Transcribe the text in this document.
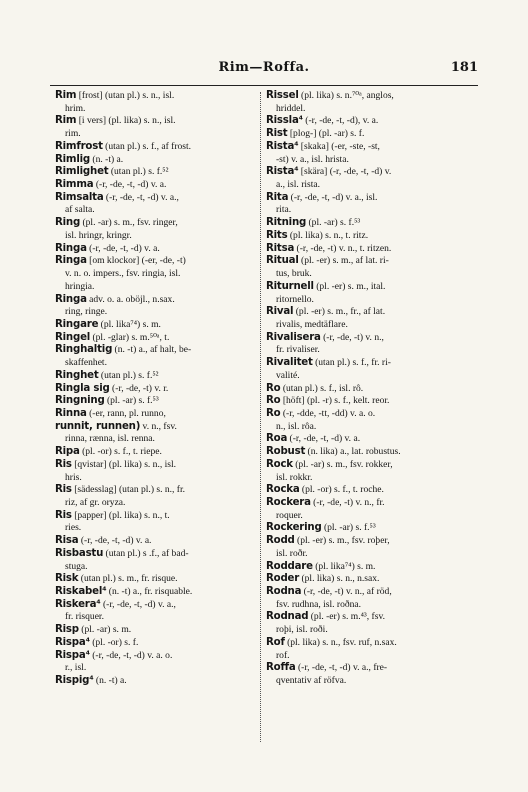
Rim—Roffa.	181
Rim [frost] (utan pl.) s. n., isl.
hrim.
Rim [i vers] (pl. lika) s. n., isl.
rim.
Rimfrost (utan pl.) s. f., af frost.
Rimlig (n. -t) a.
Rimlighet (utan pl.) s. f.⁵²
Rimma (-r, -de, -t, -d) v. a.
Rimsalta (-r, -de, -t, -d) v. a.,
af salta.
Ring (pl. -ar) s. m., fsv. ringer,
isl. hringr, kringr.
Ringa (-r, -de, -t, -d) v. a.
Ringa [om klockor] (-er, -de, -t)
v. n. o. impers., fsv. ringia, isl.
hringia.
Ringa adv. o. a. oböjl., n.sax.
ring, ringe.
Ringare (pl. lika⁷⁴) s. m.
Ringel (pl. -glar) s. m.⁵⁰ᵃ, t.
Ringhaltig (n. -t) a., af halt, be-
skaffenhet.
Ringhet (utan pl.) s. f.⁵²
Ringla sig (-r, -de, -t) v. r.
Ringning (pl. -ar) s. f.⁵³
Rinna (-er, rann, pl. runno,
runnit, runnen) v. n., fsv.
rinna, rænna, isl. renna.
Ripa (pl. -or) s. f., t. riepe.
Ris [qvistar] (pl. lika) s. n., isl.
hris.
Ris [sädesslag] (utan pl.) s. n., fr.
riz, af gr. oryza.
Ris [papper] (pl. lika) s. n., t.
ries.
Risa (-r, -de, -t, -d) v. a.
Risbastu (utan pl.) s .f., af bad-
stuga.
Risk (utan pl.) s. m., fr. risque.
Riskabel⁴ (n. -t) a., fr. risquable.
Riskera⁴ (-r, -de, -t, -d) v. a.,
fr. risquer.
Risp (pl. -ar) s. m.
Rispa⁴ (pl. -or) s. f.
Rispa⁴ (-r, -de, -t, -d) v. a. o.
r., isl.
Rispig⁴ (n. -t) a.
Rissel (pl. lika) s. n.⁷⁰ᵃ, anglos,
hriddel.
Rissla⁴ (-r, -de, -t, -d), v. a.
Rist [plog-] (pl. -ar) s. f.
Rista⁴ [skaka] (-er, -ste, -st,
-st) v. a., isl. hrista.
Rista⁴ [skära] (-r, -de, -t, -d) v.
a., isl. rista.
Rita (-r, -de, -t, -d) v. a., isl.
rita.
Ritning (pl. -ar) s. f.⁵³
Rits (pl. lika) s. n., t. ritz.
Ritsa (-r, -de, -t) v. n., t. ritzen.
Ritual (pl. -er) s. m., af lat. ri-
tus, bruk.
Riturnell (pl. -er) s. m., ital.
ritornello.
Rival (pl. -er) s. m., fr., af lat.
rivalis, medtäflare.
Rivalisera (-r, -de, -t) v. n.,
fr. rivaliser.
Rivalitet (utan pl.) s. f., fr. ri-
valité.
Ro (utan pl.) s. f., isl. rô.
Ro [höft] (pl. -r) s. f., kelt. reor.
Ro (-r, -dde, -tt, -dd) v. a. o.
n., isl. rôa.
Roa (-r, -de, -t, -d) v. a.
Robust (n. lika) a., lat. robustus.
Rock (pl. -ar) s. m., fsv. rokker,
isl. rokkr.
Rocka (pl. -or) s. f., t. roche.
Rockera (-r, -de, -t) v. n., fr.
roquer.
Rockering (pl. -ar) s. f.⁵³
Rodd (pl. -er) s. m., fsv. roþer,
isl. roðr.
Roddare (pl. lika⁷⁴) s. m.
Roder (pl. lika) s. n., n.sax.
Rodna (-r, -de, -t) v. n., af röd,
fsv. rudhna, isl. roðna.
Rodnad (pl. -er) s. m.⁴³, fsv.
roþi, isl. roði.
Rof (pl. lika) s. n., fsv. ruf, n.sax.
rof.
Roffa (-r, -de, -t, -d) v. a., fre-
qventativ af röfva.
